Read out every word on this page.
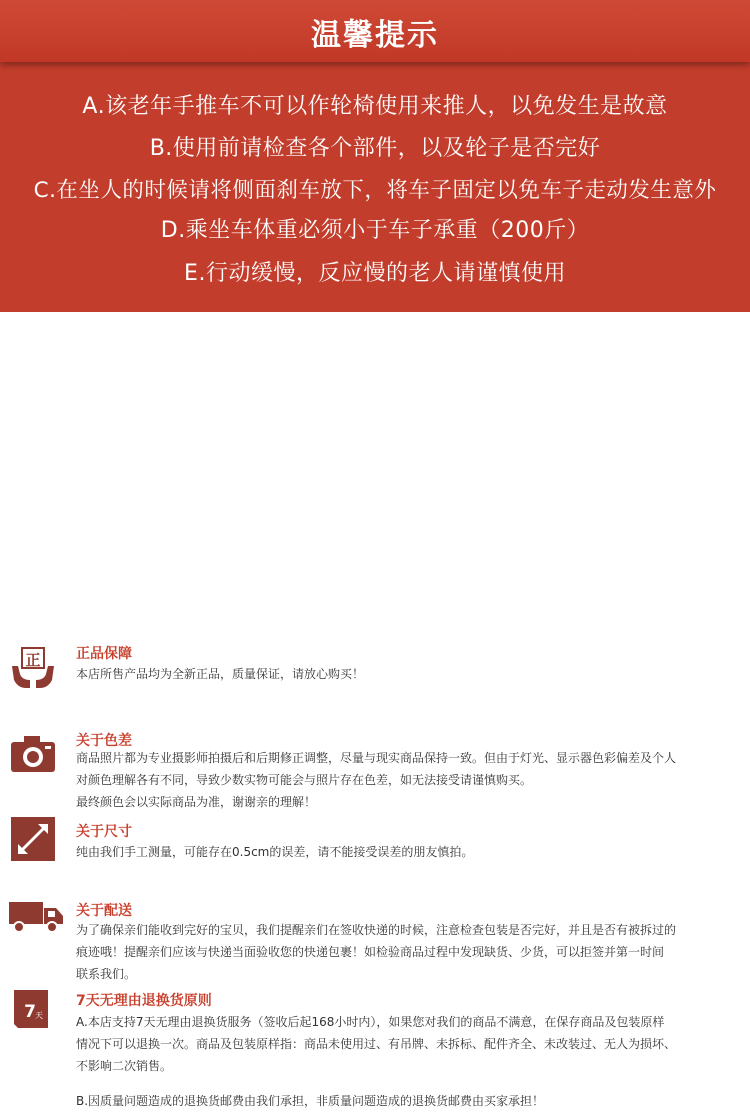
温馨提示
A.该老年手推车不可以作轮椅使用来推人，以免发生是故意
B.使用前请检查各个部件，以及轮子是否完好
C.在坐人的时候请将侧面刹车放下，将车子固定以免车子走动发生意外
D.乘坐车体重必须小于车子承重（200斤）
E.行动缓慢，反应慢的老人请谨慎使用
正	正品保障

本店所售产品均为全新正品，质量保证，请放心购买！

关于色差

商品照片都为专业摄影师拍摄后和后期修正调整，尽量与现实商品保持一致。但由于灯光、显示器色彩偏差及个人

对颜色理解各有不同，导致少数实物可能会与照片存在色差，如无法接受请谨慎购买。

最终颜色会以实际商品为准，谢谢亲的理解！

关于尺寸

纯由我们手工测量，可能存在0.5cm的误差，请不能接受误差的朋友慎拍。

关于配送

为了确保亲们能收到完好的宝贝，我们提醒亲们在签收快递的时候，注意检查包装是否完好，并且是否有被拆过的

痕迹哦！提醒亲们应该与快递当面验收您的快递包裹！如检验商品过程中发现缺货、少货，可以拒签并第一时间

联系我们。

7 天
7天无理由退换货原则

A.本店支持7天无理由退换货服务（签收后起168小时内），如果您对我们的商品不满意，在保存商品及包装原样

情况下可以退换一次。商品及包装原样指：商品未使用过、有吊牌、未拆标、配件齐全、未改装过、无人为损坏、

不影响二次销售。

B.因质量问题造成的退换货邮费由我们承担，非质量问题造成的退换货邮费由买家承担！
